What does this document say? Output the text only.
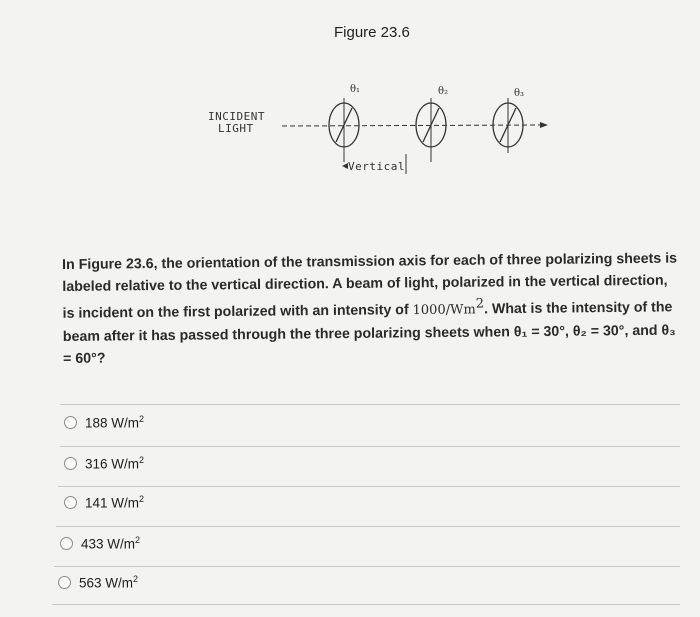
Figure 23.6
INCIDENT
LIGHT
θ₁	θ₂	θ₃
Vertical
In Figure 23.6, the orientation of the transmission axis for each of three polarizing sheets is labeled relative to the vertical direction. A beam of light, polarized in the vertical direction, is incident on the first polarized with an intensity of 1000/Wm$^2$. What is the intensity of the beam after it has passed through the three polarizing sheets when θ₁ = 30°, θ₂ = 30°, and θ₃ = 60°?
188 $W/m^2$
316 $W/m^2$
141 $W/m^2$
433 $W/m^2$
563 $W/m^2$
